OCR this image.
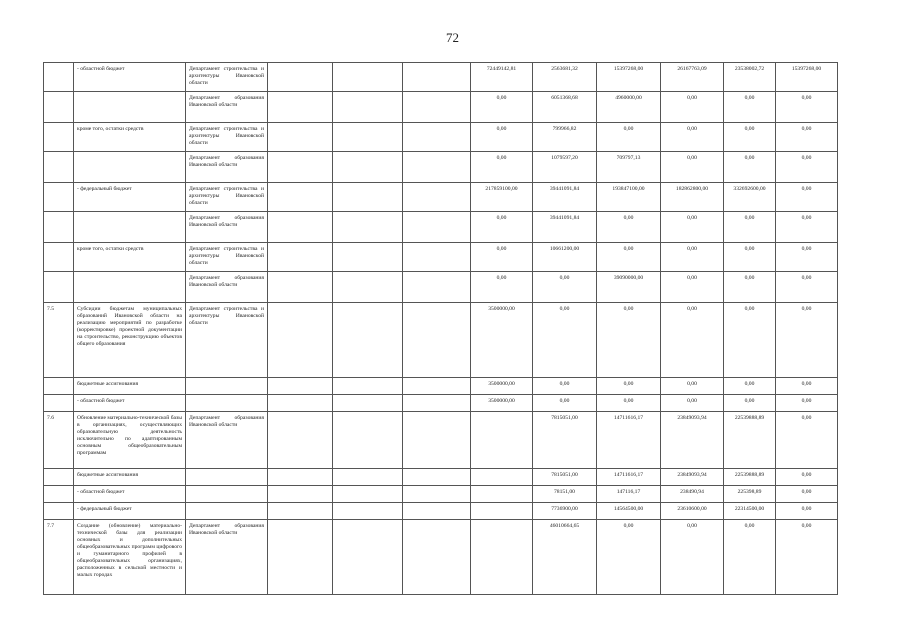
72
	- областной бюджет	Департамент строительства и архитектуры Ивановской области				72449142,81	2563681,32	15397268,00	26167763,09	23538002,72	15397268,00
		Департамент образования Ивановской области				0,00	6051368,68	4960000,00	0,00	0,00	0,00
	кроме того, остатки средств	Департамент строительства и архитектуры Ивановской области				0,00	799966,82	0,00	0,00	0,00	0,00
		Департамент образования Ивановской области				0,00	1079597,20	709797,13	0,00	0,00	0,00
	- федеральный бюджет	Департамент строительства и архитектуры Ивановской области				217859100,00	39441091,84	193847100,00	182862800,00	332692600,00	0,00
		Департамент образования Ивановской области				0,00	39441091,84	0,00	0,00	0,00	0,00
	кроме того, остатки средств	Департамент строительства и архитектуры Ивановской области				0,00	10661200,00	0,00	0,00	0,00	0,00
		Департамент образования Ивановской области				0,00	0,00	39090000,00	0,00	0,00	0,00
7.5	Субсидии бюджетам муниципальных образований Ивановской области на реализацию мероприятий по разработке (корректировке) проектной документации на строительство, реконструкцию объектов общего образования	Департамент строительства и архитектуры Ивановской области				3500000,00	0,00	0,00	0,00	0,00	0,00
	бюджетные ассигнования					3500000,00	0,00	0,00	0,00	0,00	0,00
	- областной бюджет					3500000,00	0,00	0,00	0,00	0,00	0,00
7.6	Обновление материально-технической базы в организациях, осуществляющих образовательную деятельность исключительно по адаптированным основным общеобразовательным программам	Департамент образования Ивановской области					7815051,00	14711616,17	23849093,94	22539888,89	0,00
	бюджетные ассигнования						7815051,00	14711616,17	23849093,94	22539888,89	0,00
	- областной бюджет						78151,00	147116,17	238490,94	225398,89	0,00
	- федеральный бюджет						7736900,00	14564500,00	23610600,00	22314500,00	0,00
7.7	Создание (обновление) материально-технической базы для реализации основных и дополнительных общеобразовательных программ цифрового и гуманитарного профилей в общеобразовательных организациях, расположенных в сельской местности и малых городах	Департамент образования Ивановской области					46010664,65	0,00	0,00	0,00	0,00
